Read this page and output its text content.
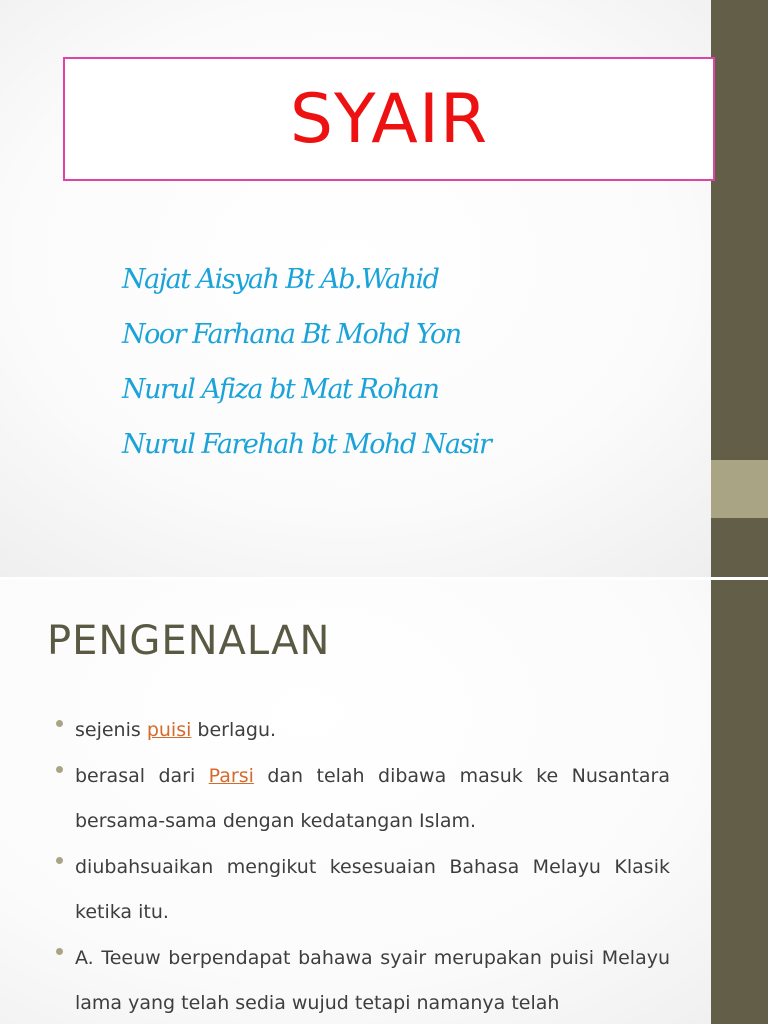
SYAIR
Najat Aisyah Bt Ab.Wahid
Noor Farhana Bt Mohd Yon
Nurul Afiza bt Mat Rohan
Nurul Farehah bt Mohd Nasir
PENGENALAN
sejenis puisi berlagu.
berasal dari Parsi dan telah dibawa masuk ke Nusantara bersama-sama dengan kedatangan Islam.
diubahsuaikan mengikut kesesuaian Bahasa Melayu Klasik ketika itu.
A. Teeuw berpendapat bahawa syair merupakan puisi Melayu lama yang telah sedia wujud tetapi namanya telah
